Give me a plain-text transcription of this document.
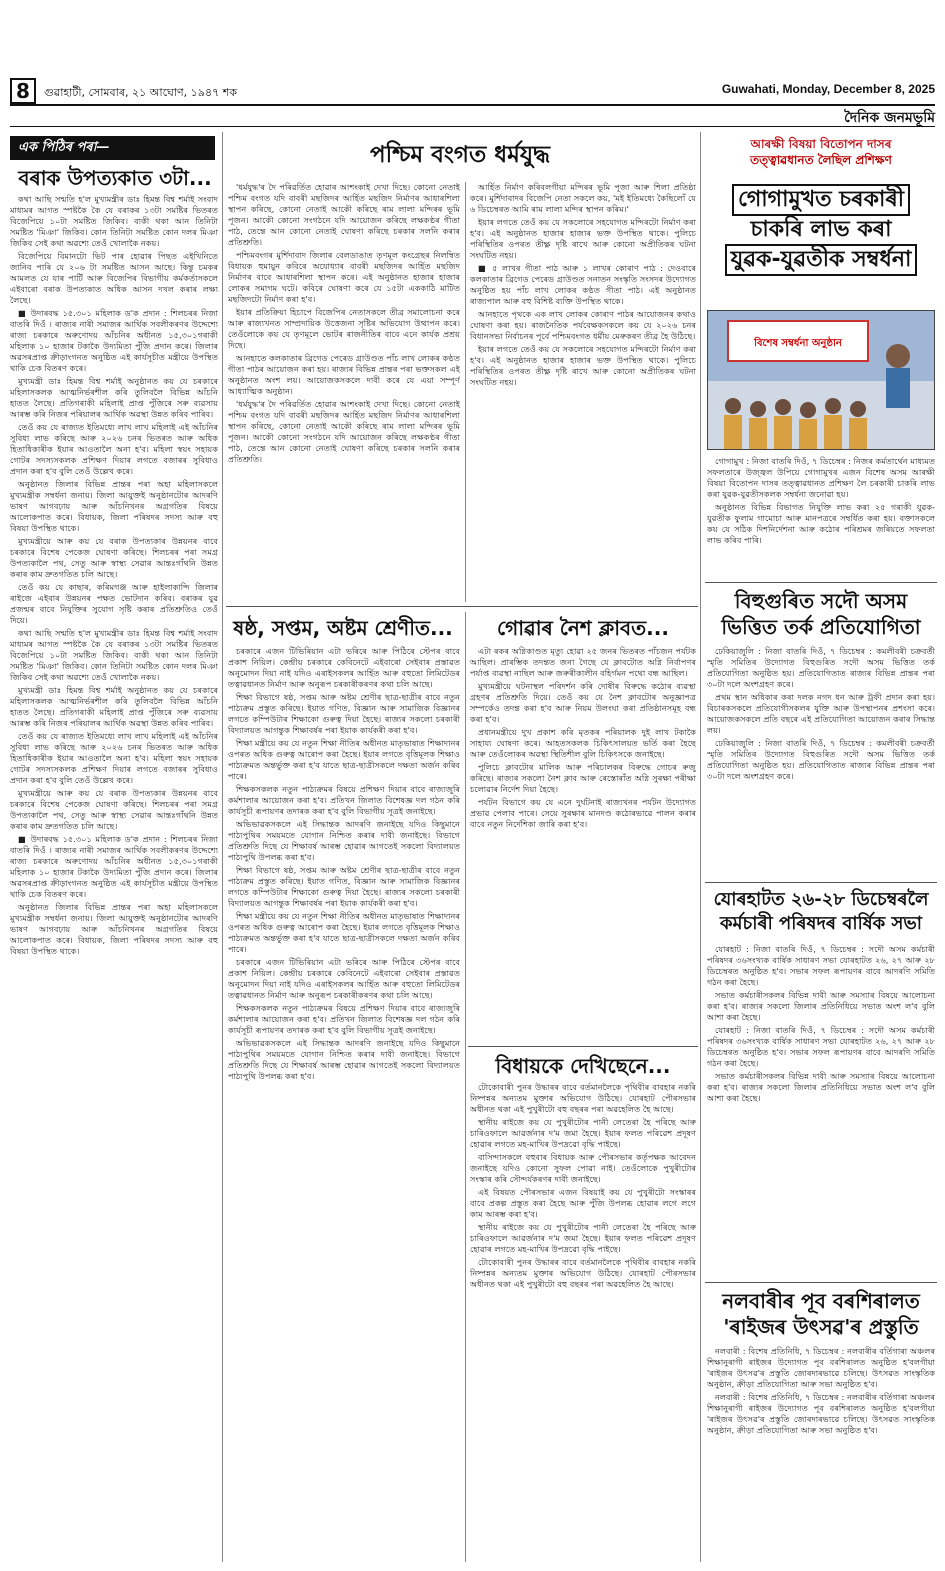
8	গুৱাহাটী, সোমবাৰ, ২১ আঘোণ, ১৯৪৭ শক	Guwahati, Monday, December 8, 2025
দৈনিক জনমভূমি
এক পিঠিৰ পৰা—
বৰাক উপত্যকাত ৩টা...

কথা আছি সন্মতি হ'ল মুখ্যমন্ত্ৰীৰ ডাঃ হিমন্ত বিশ্ব শৰ্মাই সংবাদ মাধ্যমৰ আগত স্পষ্টকৈ কৈ যে বৰাকৰ ১৩টা সমষ্টিৰ ভিতৰত বিজেপিয়ে ১০টা সমষ্টিত জিকিব। বাকী থকা আন তিনিটা সমষ্টিত 'মিঞা' জিকিব। কোন তিনিটা সমষ্টিত কোন দলৰ মিঞা জিকিব সেই কথা অৱশ্যে তেওঁ খোলাকৈ নকয়।

বিজেপিয়ে বিমানটো ভিট পাৰ হোৱাৰ পিছত এইখিনিতে জানিব পাৰি যে ২০৬ টা সমষ্টিত আসন আছে। কিন্তু চমকৰ আমলত যে যাৰ পাৰ্টি আৰু বিজেপিৰ বিভাগীয় কৰ্মকৰ্তাসকলে এইবাৰো বৰাক উপত্যকাত অধিক আসন দখল কৰাৰ লক্ষ্য লৈছে।

■ উদাৰবদ্ধ ১৫.৩০১ মহিলাক ড'ক প্ৰদান : শিলচৰৰ নিজা বাতৰি দিওঁ । ৰাজ্যৰ নাৰী সমাজৰ আৰ্থিক সবলীকৰণৰ উদ্দেশ্যে ৰাজ্য চৰকাৰে অৰুণোদয় আঁচনিৰ অধীনত ১৫,৩০১গৰাকী মহিলাক ১০ হাজাৰ টকাকৈ উদ্যমিতা পুঁজি প্ৰদান কৰে। জিলাৰ অৱসৰপ্ৰাপ্ত ক্ৰীড়াংগনত অনুষ্ঠিত এই কাৰ্যসূচীত মন্ত্ৰীয়ে উপস্থিত থাকি চেক বিতৰণ কৰে।

মুখ্যমন্ত্ৰী ডাঃ হিমন্ত বিশ্ব শৰ্মাই অনুষ্ঠানত কয় যে চৰকাৰে মহিলাসকলক আত্মনিৰ্ভৰশীল কৰি তুলিবলৈ বিভিন্ন আঁচনি হাতত লৈছে। প্ৰতিগৰাকী মহিলাই প্ৰাপ্ত পুঁজিৰে সৰু ব্যৱসায় আৰম্ভ কৰি নিজৰ পৰিয়ালৰ আৰ্থিক অৱস্থা উন্নত কৰিব পাৰিব।

তেওঁ কয় যে ৰাজ্যত ইতিমধ্যে লাখ লাখ মহিলাই এই আঁচনিৰ সুবিধা লাভ কৰিছে আৰু ২০২৬ চনৰ ভিতৰত আৰু অধিক হিতাধিকাৰীক ইয়াৰ আওতালৈ অনা হ'ব। মহিলা স্বয়ং সহায়ক গোটৰ সদস্যসকলক প্ৰশিক্ষণ দিয়াৰ লগতে বজাৰৰ সুবিধাও প্ৰদান কৰা হ'ব বুলি তেওঁ উল্লেখ কৰে।

অনুষ্ঠানত জিলাৰ বিভিন্ন প্ৰান্তৰ পৰা অহা মহিলাসকলে মুখ্যমন্ত্ৰীক সম্বৰ্ধনা জনায়। জিলা আয়ুক্তই অনুষ্ঠানটোৰ আদৰণি ভাষণ আগবঢ়ায় আৰু আঁচনিখনৰ অগ্ৰগতিৰ বিষয়ে আলোকপাত কৰে। বিধায়ক, জিলা পৰিষদৰ সদস্য আৰু বহু বিষয়া উপস্থিত থাকে।

মুখ্যমন্ত্ৰীয়ে আৰু কয় যে বৰাক উপত্যকাৰ উন্নয়নৰ বাবে চৰকাৰে বিশেষ পেকেজ ঘোষণা কৰিছে। শিলচৰৰ পৰা সমগ্ৰ উপত্যকালৈ পথ, সেতু আৰু স্বাস্থ্য সেৱাৰ আন্তঃগাঁথনি উন্নত কৰাৰ কাম দ্ৰুতগতিত চলি আছে।

তেওঁ কয় যে কাছাৰ, কৰিমগঞ্জ আৰু হাইলাকান্দি জিলাৰ ৰাইজে এইবাৰ উন্নয়নৰ পক্ষত ভোটদান কৰিব। বৰাকৰ যুৱ প্ৰজন্মৰ বাবে নিযুক্তিৰ সুযোগ সৃষ্টি কৰাৰ প্ৰতিশ্ৰুতিও তেওঁ দিয়ে।

কথা আছি সন্মতি হ'ল মুখ্যমন্ত্ৰীৰ ডাঃ হিমন্ত বিশ্ব শৰ্মাই সংবাদ মাধ্যমৰ আগত স্পষ্টকৈ কৈ যে বৰাকৰ ১৩টা সমষ্টিৰ ভিতৰত বিজেপিয়ে ১০টা সমষ্টিত জিকিব। বাকী থকা আন তিনিটা সমষ্টিত 'মিঞা' জিকিব। কোন তিনিটা সমষ্টিত কোন দলৰ মিঞা জিকিব সেই কথা অৱশ্যে তেওঁ খোলাকৈ নকয়।

মুখ্যমন্ত্ৰী ডাঃ হিমন্ত বিশ্ব শৰ্মাই অনুষ্ঠানত কয় যে চৰকাৰে মহিলাসকলক আত্মনিৰ্ভৰশীল কৰি তুলিবলৈ বিভিন্ন আঁচনি হাতত লৈছে। প্ৰতিগৰাকী মহিলাই প্ৰাপ্ত পুঁজিৰে সৰু ব্যৱসায় আৰম্ভ কৰি নিজৰ পৰিয়ালৰ আৰ্থিক অৱস্থা উন্নত কৰিব পাৰিব।

তেওঁ কয় যে ৰাজ্যত ইতিমধ্যে লাখ লাখ মহিলাই এই আঁচনিৰ সুবিধা লাভ কৰিছে আৰু ২০২৬ চনৰ ভিতৰত আৰু অধিক হিতাধিকাৰীক ইয়াৰ আওতালৈ অনা হ'ব। মহিলা স্বয়ং সহায়ক গোটৰ সদস্যসকলক প্ৰশিক্ষণ দিয়াৰ লগতে বজাৰৰ সুবিধাও প্ৰদান কৰা হ'ব বুলি তেওঁ উল্লেখ কৰে।

মুখ্যমন্ত্ৰীয়ে আৰু কয় যে বৰাক উপত্যকাৰ উন্নয়নৰ বাবে চৰকাৰে বিশেষ পেকেজ ঘোষণা কৰিছে। শিলচৰৰ পৰা সমগ্ৰ উপত্যকালৈ পথ, সেতু আৰু স্বাস্থ্য সেৱাৰ আন্তঃগাঁথনি উন্নত কৰাৰ কাম দ্ৰুতগতিত চলি আছে।

■ উদাৰবদ্ধ ১৫.৩০১ মহিলাক ড'ক প্ৰদান : শিলচৰৰ নিজা বাতৰি দিওঁ । ৰাজ্যৰ নাৰী সমাজৰ আৰ্থিক সবলীকৰণৰ উদ্দেশ্যে ৰাজ্য চৰকাৰে অৰুণোদয় আঁচনিৰ অধীনত ১৫,৩০১গৰাকী মহিলাক ১০ হাজাৰ টকাকৈ উদ্যমিতা পুঁজি প্ৰদান কৰে। জিলাৰ অৱসৰপ্ৰাপ্ত ক্ৰীড়াংগনত অনুষ্ঠিত এই কাৰ্যসূচীত মন্ত্ৰীয়ে উপস্থিত থাকি চেক বিতৰণ কৰে।

অনুষ্ঠানত জিলাৰ বিভিন্ন প্ৰান্তৰ পৰা অহা মহিলাসকলে মুখ্যমন্ত্ৰীক সম্বৰ্ধনা জনায়। জিলা আয়ুক্তই অনুষ্ঠানটোৰ আদৰণি ভাষণ আগবঢ়ায় আৰু আঁচনিখনৰ অগ্ৰগতিৰ বিষয়ে আলোকপাত কৰে। বিধায়ক, জিলা পৰিষদৰ সদস্য আৰু বহু বিষয়া উপস্থিত থাকে।

পশ্চিম বংগত ধৰ্মযুদ্ধ

'ধৰ্মযুদ্ধ'ৰ দৈ পৰিৱৰ্তিত হোৱাৰ আশংকাই দেখা দিছে। কোনো নেতাই পশ্চিম বংগত যদি বাবৰী মছজিদৰ আৰ্হিত মছজিদ নিৰ্মাণৰ আধাৰশিলা স্থাপন কৰিছে, কোনো নেতাই আকৌ কৰিছে ৰাম লালা মন্দিৰৰ ভূমি পূজন। আকৌ কোনো সংগঠনে যদি আয়োজন কৰিছে লক্ষকণ্ঠৰ গীতা পাঠ, তেন্তে আন কোনো নেতাই ঘোষণা কৰিছে চৰকাৰ সলনি কৰাৰ প্ৰতিশ্ৰুতি।

পশ্চিমবংগৰ মুৰ্শিদাবাদ জিলাৰ বেলডাঙাত তৃণমূল কংগ্ৰেছৰ নিলম্বিত বিধায়ক হুমায়ুন কবিৰে অযোধ্যাৰ বাবৰী মছজিদৰ আৰ্হিত মছজিদ নিৰ্মাণৰ বাবে আধাৰশিলা স্থাপন কৰে। এই অনুষ্ঠানত হাজাৰ হাজাৰ লোকৰ সমাগম ঘটে। কবিৰে ঘোষণা কৰে যে ১৫টা এককাঠি মাটিত মছজিদটো নিৰ্মাণ কৰা হ'ব।

ইয়াৰ প্ৰতিক্ৰিয়া হিচাপে বিজেপিৰ নেতাসকলে তীব্ৰ সমালোচনা কৰে আৰু ৰাজ্যখনত সাম্প্ৰদায়িক উত্তেজনা সৃষ্টিৰ অভিযোগ উত্থাপন কৰে। তেওঁলোকে কয় যে তৃণমূলে ভোটৰ ৰাজনীতিৰ বাবে এনে কাৰ্যক প্ৰশ্ৰয় দিছে।

আনহাতে কলকাতাৰ ব্ৰিগেড পেৰেড গ্ৰাউণ্ডত পাঁচ লাখ লোকৰ কণ্ঠত গীতা পাঠৰ আয়োজন কৰা হয়। ৰাজ্যৰ বিভিন্ন প্ৰান্তৰ পৰা ভক্তসকল এই অনুষ্ঠানত অংশ লয়। আয়োজকসকলে দাবী কৰে যে এয়া সম্পূৰ্ণ আধ্যাত্মিক অনুষ্ঠান।

'ধৰ্মযুদ্ধ'ৰ দৈ পৰিৱৰ্তিত হোৱাৰ আশংকাই দেখা দিছে। কোনো নেতাই পশ্চিম বংগত যদি বাবৰী মছজিদৰ আৰ্হিত মছজিদ নিৰ্মাণৰ আধাৰশিলা স্থাপন কৰিছে, কোনো নেতাই আকৌ কৰিছে ৰাম লালা মন্দিৰৰ ভূমি পূজন। আকৌ কোনো সংগঠনে যদি আয়োজন কৰিছে লক্ষকণ্ঠৰ গীতা পাঠ, তেন্তে আন কোনো নেতাই ঘোষণা কৰিছে চৰকাৰ সলনি কৰাৰ প্ৰতিশ্ৰুতি।

আৰ্হিত নিৰ্মাণ কৰিবলগীয়া মন্দিৰৰ ভূমি পূজা আৰু শিলা প্ৰতিষ্ঠা কৰে। মুৰ্শিদাবাদৰ বিজেপি নেতা সকলে কয়, 'মই ইতিমধ্যে কৈছিলোঁ যে ৬ ডিচেম্বৰত আমি ৰাম লালা মন্দিৰ স্থাপন কৰিম।'

ইয়াৰ লগতে তেওঁ কয় যে সকলোৰে সহযোগত মন্দিৰটো নিৰ্মাণ কৰা হ'ব। এই অনুষ্ঠানত হাজাৰ হাজাৰ ভক্ত উপস্থিত থাকে। পুলিচে পৰিস্থিতিৰ ওপৰত তীক্ষ্ণ দৃষ্টি ৰাখে আৰু কোনো অপ্ৰীতিকৰ ঘটনা সংঘটিত নহয়।

■ ৫ লাখৰ গীতা পাঠ আৰু ১ লাখৰ কোৰাণ পাঠ : দেওবাৰে কলকাতাৰ ব্ৰিগেড পেৰেড গ্ৰাউণ্ডত সনাতন সংস্কৃতি সংসদৰ উদ্যোগত অনুষ্ঠিত হয় পাঁচ লাখ লোকৰ কণ্ঠত গীতা পাঠ। এই অনুষ্ঠানত ৰাজ্যপাল আৰু বহু বিশিষ্ট ব্যক্তি উপস্থিত থাকে।

আনহাতে পৃথকে এক লাখ লোকৰ কোৰাণ পাঠৰ আয়োজনৰ কথাও ঘোষণা কৰা হয়। ৰাজনৈতিক পৰ্যবেক্ষকসকলে কয় যে ২০২৬ চনৰ বিধানসভা নিৰ্বাচনৰ পূৰ্বে পশ্চিমবংগত ধৰ্মীয় মেৰুকৰণ তীব্ৰ হৈ উঠিছে।

ইয়াৰ লগতে তেওঁ কয় যে সকলোৰে সহযোগত মন্দিৰটো নিৰ্মাণ কৰা হ'ব। এই অনুষ্ঠানত হাজাৰ হাজাৰ ভক্ত উপস্থিত থাকে। পুলিচে পৰিস্থিতিৰ ওপৰত তীক্ষ্ণ দৃষ্টি ৰাখে আৰু কোনো অপ্ৰীতিকৰ ঘটনা সংঘটিত নহয়।

ষষ্ঠ, সপ্তম, অষ্টম শ্ৰেণীত...

চৰকাৰে এজন টিভিৰিয়ান এটা ভৰিৰে আৰু পিঠিৰে স্টেপৰ বাবে প্ৰকাশ নিয়িল। কেন্দ্ৰীয় চৰকাৰে কেবিনেটে এইবাৰো সেইবাৰ প্ৰস্তাৱত অনুমোদন দিয়া নাই যদিও এৰাইসকলৰ আৰ্হিত আৰু বহুতো লিমিটেডৰ তত্বাৱধানত নিৰ্মাণ আৰু অনুৰূপ চৰকাৰীকৰণৰ কথা চলি আছে।

শিক্ষা বিভাগে ষষ্ঠ, সপ্তম আৰু অষ্টম শ্ৰেণীৰ ছাত্ৰ-ছাত্ৰীৰ বাবে নতুন পাঠ্যক্ৰম প্ৰস্তুত কৰিছে। ইয়াত গণিত, বিজ্ঞান আৰু সামাজিক বিজ্ঞানৰ লগতে কম্পিউটাৰ শিক্ষাকো গুৰুত্ব দিয়া হৈছে। ৰাজ্যৰ সকলো চৰকাৰী বিদ্যালয়ত আগন্তুক শিক্ষাবৰ্ষৰ পৰা ইয়াক কাৰ্যকৰী কৰা হ'ব।

শিক্ষা মন্ত্ৰীয়ে কয় যে নতুন শিক্ষা নীতিৰ অধীনত মাতৃভাষাত শিক্ষাদানৰ ওপৰত অধিক গুৰুত্ব আৰোপ কৰা হৈছে। ইয়াৰ লগতে বৃত্তিমূলক শিক্ষাও পাঠ্যক্ৰমত অন্তৰ্ভুক্ত কৰা হ'ব যাতে ছাত্ৰ-ছাত্ৰীসকলে দক্ষতা অৰ্জন কৰিব পাৰে।

শিক্ষকসকলক নতুন পাঠ্যক্ৰমৰ বিষয়ে প্ৰশিক্ষণ দিয়াৰ বাবে ৰাজ্যজুৰি কৰ্মশালাৰ আয়োজন কৰা হ'ব। প্ৰতিখন জিলাত বিশেষজ্ঞ দল গঠন কৰি কাৰ্যসূচী ৰূপায়ণৰ তদাৰক কৰা হ'ব বুলি বিভাগীয় সূত্ৰই জনাইছে।

অভিভাৱকসকলে এই সিদ্ধান্তক আদৰণি জনাইছে যদিও কিছুমানে পাঠ্যপুথিৰ সময়মতে যোগান নিশ্চিত কৰাৰ দাবী জনাইছে। বিভাগে প্ৰতিশ্ৰুতি দিছে যে শিক্ষাবৰ্ষ আৰম্ভ হোৱাৰ আগতেই সকলো বিদ্যালয়ত পাঠ্যপুথি উপলব্ধ কৰা হ'ব।

শিক্ষা বিভাগে ষষ্ঠ, সপ্তম আৰু অষ্টম শ্ৰেণীৰ ছাত্ৰ-ছাত্ৰীৰ বাবে নতুন পাঠ্যক্ৰম প্ৰস্তুত কৰিছে। ইয়াত গণিত, বিজ্ঞান আৰু সামাজিক বিজ্ঞানৰ লগতে কম্পিউটাৰ শিক্ষাকো গুৰুত্ব দিয়া হৈছে। ৰাজ্যৰ সকলো চৰকাৰী বিদ্যালয়ত আগন্তুক শিক্ষাবৰ্ষৰ পৰা ইয়াক কাৰ্যকৰী কৰা হ'ব।

শিক্ষা মন্ত্ৰীয়ে কয় যে নতুন শিক্ষা নীতিৰ অধীনত মাতৃভাষাত শিক্ষাদানৰ ওপৰত অধিক গুৰুত্ব আৰোপ কৰা হৈছে। ইয়াৰ লগতে বৃত্তিমূলক শিক্ষাও পাঠ্যক্ৰমত অন্তৰ্ভুক্ত কৰা হ'ব যাতে ছাত্ৰ-ছাত্ৰীসকলে দক্ষতা অৰ্জন কৰিব পাৰে।

চৰকাৰে এজন টিভিৰিয়ান এটা ভৰিৰে আৰু পিঠিৰে স্টেপৰ বাবে প্ৰকাশ নিয়িল। কেন্দ্ৰীয় চৰকাৰে কেবিনেটে এইবাৰো সেইবাৰ প্ৰস্তাৱত অনুমোদন দিয়া নাই যদিও এৰাইসকলৰ আৰ্হিত আৰু বহুতো লিমিটেডৰ তত্বাৱধানত নিৰ্মাণ আৰু অনুৰূপ চৰকাৰীকৰণৰ কথা চলি আছে।

শিক্ষকসকলক নতুন পাঠ্যক্ৰমৰ বিষয়ে প্ৰশিক্ষণ দিয়াৰ বাবে ৰাজ্যজুৰি কৰ্মশালাৰ আয়োজন কৰা হ'ব। প্ৰতিখন জিলাত বিশেষজ্ঞ দল গঠন কৰি কাৰ্যসূচী ৰূপায়ণৰ তদাৰক কৰা হ'ব বুলি বিভাগীয় সূত্ৰই জনাইছে।

অভিভাৱকসকলে এই সিদ্ধান্তক আদৰণি জনাইছে যদিও কিছুমানে পাঠ্যপুথিৰ সময়মতে যোগান নিশ্চিত কৰাৰ দাবী জনাইছে। বিভাগে প্ৰতিশ্ৰুতি দিছে যে শিক্ষাবৰ্ষ আৰম্ভ হোৱাৰ আগতেই সকলো বিদ্যালয়ত পাঠ্যপুথি উপলব্ধ কৰা হ'ব।

গোৱাৰ নৈশ ক্লাবত...

এটা ৰকৰ অগ্নিকাণ্ডত মৃত্যু হোৱা ২৫ জনৰ ভিতৰত পাঁচজন পৰ্যটক আছিল। প্ৰাৰম্ভিক তদন্তত জনা গৈছে যে ক্লাবটোত অগ্নি নিৰ্বাপণৰ পৰ্যাপ্ত ব্যৱস্থা নাছিল আৰু জৰুৰীকালীন বহিৰ্গমন পথো বন্ধ আছিল।

মুখ্যমন্ত্ৰীয়ে ঘটনাস্থল পৰিদৰ্শন কৰি দোষীৰ বিৰুদ্ধে কঠোৰ ব্যৱস্থা গ্ৰহণৰ প্ৰতিশ্ৰুতি দিয়ে। তেওঁ কয় যে নৈশ ক্লাবটোৰ অনুজ্ঞাপত্ৰ সম্পৰ্কেও তদন্ত কৰা হ'ব আৰু নিয়ম উলংঘা কৰা প্ৰতিষ্ঠানসমূহ বন্ধ কৰা হ'ব।

প্ৰধানমন্ত্ৰীয়ে দুখ প্ৰকাশ কৰি মৃতকৰ পৰিয়ালক দুই লাখ টকাকৈ সাহায্য ঘোষণা কৰে। আহতসকলক চিকিৎসালয়ত ভৰ্তি কৰা হৈছে আৰু তেওঁলোকৰ অৱস্থা স্থিতিশীল বুলি চিকিৎসকে জনাইছে।

পুলিচে ক্লাবটোৰ মালিক আৰু পৰিচালকৰ বিৰুদ্ধে গোচৰ ৰুজু কৰিছে। ৰাজ্যৰ সকলো নৈশ ক্লাব আৰু ৰেস্তোৰাঁত অগ্নি সুৰক্ষা পৰীক্ষা চলোৱাৰ নিৰ্দেশ দিয়া হৈছে।

পৰ্যটন বিভাগে কয় যে এনে দুৰ্ঘটনাই ৰাজ্যখনৰ পৰ্যটন উদ্যোগত প্ৰভাৱ পেলাব পাৰে। সেয়ে সুৰক্ষাৰ মানদণ্ড কঠোৰভাৱে পালন কৰাৰ বাবে নতুন নিৰ্দেশিকা জাৰি কৰা হ'ব।

বিধায়কে দেখিছেনে...

টোকোবাৰী পুনৰ উদ্ধাৰৰ বাবে বৰ্তমানলৈকে পৃথিবীৰ বাবহাৰ নকৰি নিষ্পন্নৰ অন্যতম মুক্তাৰ অভিযোগ উঠিছে। যোৰহাট পৌৰসভাৰ অধীনত থকা এই পুখুৰীটো বহু বছৰৰ পৰা অৱহেলিত হৈ আছে।

স্থানীয় ৰাইজে কয় যে পুখুৰীটোৰ পানী লেতেৰা হৈ পৰিছে আৰু চাৰিওফালে আৱৰ্জনাৰ দ'ম জমা হৈছে। ইয়াৰ ফলত পৰিৱেশ প্ৰদূষণ হোৱাৰ লগতে মহ-মাখিৰ উপদ্ৰৱো বৃদ্ধি পাইছে।

বাসিন্দাসকলে বহুবাৰ বিধায়ক আৰু পৌৰসভাৰ কৰ্তৃপক্ষক আবেদন জনাইছে যদিও কোনো সুফল পোৱা নাই। তেওঁলোকে পুখুৰীটোৰ সংস্কাৰ কৰি সৌন্দৰ্যকৰণৰ দাবী জনাইছে।

এই বিষয়ত পৌৰসভাৰ এজন বিষয়াই কয় যে পুখুৰীটো সংস্কাৰৰ বাবে প্ৰকল্প প্ৰস্তুত কৰা হৈছে আৰু পুঁজি উপলব্ধ হোৱাৰ লগে লগে কাম আৰম্ভ কৰা হ'ব।

স্থানীয় ৰাইজে কয় যে পুখুৰীটোৰ পানী লেতেৰা হৈ পৰিছে আৰু চাৰিওফালে আৱৰ্জনাৰ দ'ম জমা হৈছে। ইয়াৰ ফলত পৰিৱেশ প্ৰদূষণ হোৱাৰ লগতে মহ-মাখিৰ উপদ্ৰৱো বৃদ্ধি পাইছে।

টোকোবাৰী পুনৰ উদ্ধাৰৰ বাবে বৰ্তমানলৈকে পৃথিবীৰ বাবহাৰ নকৰি নিষ্পন্নৰ অন্যতম মুক্তাৰ অভিযোগ উঠিছে। যোৰহাট পৌৰসভাৰ অধীনত থকা এই পুখুৰীটো বহু বছৰৰ পৰা অৱহেলিত হৈ আছে।

আৰক্ষী বিষয়া বিতোপন দাসৰ
তত্ত্বাৱধানত লৈছিল প্ৰশিক্ষণ
গোগামুখত চৰকাৰী
চাকৰি লাভ কৰা
যুৱক-যুৱতীক সম্বৰ্ধনা
বিশেষ সম্বৰ্ধনা অনুষ্ঠান

গোগামুখ : নিজা বাতৰি দিওঁ, ৭ ডিচেম্বৰ : নিজৰ কৰ্মতাৰ্থেন মাধ্যমত সফলতাৰে উজ্জ্বল উপিয়ে গোগামুখৰ এজন বিশেষ অসম আৰক্ষী বিষয়া বিতোপন দাসৰ তত্ত্বাৱধানত প্ৰশিক্ষণ লৈ চৰকাৰী চাকৰি লাভ কৰা যুৱক-যুৱতীসকলক সম্বৰ্ধনা জনোৱা হয়।

অনুষ্ঠানত বিভিন্ন বিভাগত নিযুক্তি লাভ কৰা ২৫ গৰাকী যুৱক-যুৱতীক ফুলাম গামোচা আৰু মানপত্ৰৰে সম্বৰ্ধিত কৰা হয়। বক্তাসকলে কয় যে সঠিক দিশনিৰ্দেশনা আৰু কঠোৰ পৰিশ্ৰমৰ জৰিয়তে সফলতা লাভ কৰিব পাৰি।

বিহুগুৰিত সদৌ অসম ভিত্তিত তৰ্ক প্ৰতিযোগিতা

ঢেকিয়াজুলি : নিজা বাতৰি দিওঁ, ৭ ডিচেম্বৰ : কমলীবৰী চক্ৰবৰ্তী স্মৃতি সমিতিৰ উদ্যোগত বিহুগুৰিত সদৌ অসম ভিত্তিত তৰ্ক প্ৰতিযোগিতা অনুষ্ঠিত হয়। প্ৰতিযোগিতাত ৰাজ্যৰ বিভিন্ন প্ৰান্তৰ পৰা ৩০টা দলে অংশগ্ৰহণ কৰে।

প্ৰথম স্থান অধিকাৰ কৰা দলক নগদ ধন আৰু ট্ৰফী প্ৰদান কৰা হয়। বিচাৰকসকলে প্ৰতিযোগীসকলৰ যুক্তি আৰু উপস্থাপনৰ প্ৰশংসা কৰে। আয়োজকসকলে প্ৰতি বছৰে এই প্ৰতিযোগিতা আয়োজন কৰাৰ সিদ্ধান্ত লয়।

ঢেকিয়াজুলি : নিজা বাতৰি দিওঁ, ৭ ডিচেম্বৰ : কমলীবৰী চক্ৰবৰ্তী স্মৃতি সমিতিৰ উদ্যোগত বিহুগুৰিত সদৌ অসম ভিত্তিত তৰ্ক প্ৰতিযোগিতা অনুষ্ঠিত হয়। প্ৰতিযোগিতাত ৰাজ্যৰ বিভিন্ন প্ৰান্তৰ পৰা ৩০টা দলে অংশগ্ৰহণ কৰে।

যোৰহাটত ২৬-২৮ ডিচেম্বৰলৈ কৰ্মচাৰী পৰিষদৰ বাৰ্ষিক সভা

যোৰহাট : নিজা বাতৰি দিওঁ, ৭ ডিচেম্বৰ : সদৌ অসম কৰ্মচাৰী পৰিষদৰ ৩৬সংখ্যক বাৰ্ষিক সাধাৰণ সভা যোৰহাটত ২৬, ২৭ আৰু ২৮ ডিচেম্বৰত অনুষ্ঠিত হ'ব। সভাৰ সফল ৰূপায়ণৰ বাবে আদৰণি সমিতি গঠন কৰা হৈছে।

সভাত কৰ্মচাৰীসকলৰ বিভিন্ন দাবী আৰু সমস্যাৰ বিষয়ে আলোচনা কৰা হ'ব। ৰাজ্যৰ সকলো জিলাৰ প্ৰতিনিধিয়ে সভাত অংশ ল'ব বুলি আশা কৰা হৈছে।

যোৰহাট : নিজা বাতৰি দিওঁ, ৭ ডিচেম্বৰ : সদৌ অসম কৰ্মচাৰী পৰিষদৰ ৩৬সংখ্যক বাৰ্ষিক সাধাৰণ সভা যোৰহাটত ২৬, ২৭ আৰু ২৮ ডিচেম্বৰত অনুষ্ঠিত হ'ব। সভাৰ সফল ৰূপায়ণৰ বাবে আদৰণি সমিতি গঠন কৰা হৈছে।

সভাত কৰ্মচাৰীসকলৰ বিভিন্ন দাবী আৰু সমস্যাৰ বিষয়ে আলোচনা কৰা হ'ব। ৰাজ্যৰ সকলো জিলাৰ প্ৰতিনিধিয়ে সভাত অংশ ল'ব বুলি আশা কৰা হৈছে।

নলবাৰীৰ পূব বৰশিৰালত 'ৰাইজৰ উৎসৱ'ৰ প্ৰস্তুতি

নলবাৰী : বিশেষ প্ৰতিনিধি, ৭ ডিচেম্বৰ : নলবাৰীৰ বৰ্তিগাৰা অঞ্চলৰ শিক্ষানুৰাগী ৰাইজৰ উদ্যোগত পূব বৰশিৰালত অনুষ্ঠিত হ'বলগীয়া 'ৰাইজৰ উৎসৱ'ৰ প্ৰস্তুতি জোৰদাৰভাৱে চলিছে। উৎসৱত সাংস্কৃতিক অনুষ্ঠান, ক্ৰীড়া প্ৰতিযোগিতা আৰু সভা অনুষ্ঠিত হ'ব।

নলবাৰী : বিশেষ প্ৰতিনিধি, ৭ ডিচেম্বৰ : নলবাৰীৰ বৰ্তিগাৰা অঞ্চলৰ শিক্ষানুৰাগী ৰাইজৰ উদ্যোগত পূব বৰশিৰালত অনুষ্ঠিত হ'বলগীয়া 'ৰাইজৰ উৎসৱ'ৰ প্ৰস্তুতি জোৰদাৰভাৱে চলিছে। উৎসৱত সাংস্কৃতিক অনুষ্ঠান, ক্ৰীড়া প্ৰতিযোগিতা আৰু সভা অনুষ্ঠিত হ'ব।
